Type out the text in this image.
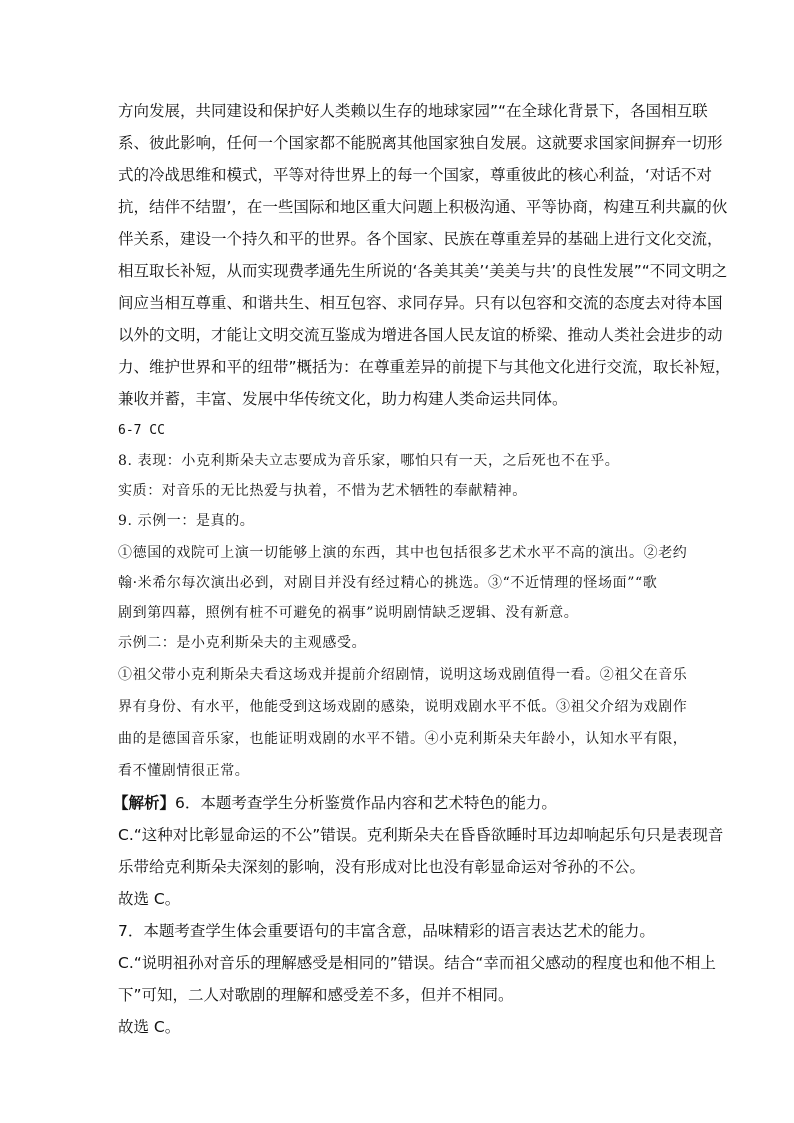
方向发展，共同建设和保护好人类赖以生存的地球家园”“在全球化背景下，各国相互联
系、彼此影响，任何一个国家都不能脱离其他国家独自发展。这就要求国家间摒弃一切形
式的冷战思维和模式，平等对待世界上的每一个国家，尊重彼此的核心利益，‘对话不对
抗，结伴不结盟’，在一些国际和地区重大问题上积极沟通、平等协商，构建互利共赢的伙
伴关系，建设一个持久和平的世界。各个国家、民族在尊重差异的基础上进行文化交流，
相互取长补短，从而实现费孝通先生所说的‘各美其美’‘美美与共’的良性发展”“不同文明之
间应当相互尊重、和谐共生、相互包容、求同存异。只有以包容和交流的态度去对待本国
以外的文明，才能让文明交流互鉴成为增进各国人民友谊的桥梁、推动人类社会进步的动
力、维护世界和平的纽带”概括为：在尊重差异的前提下与其他文化进行交流，取长补短，
兼收并蓄，丰富、发展中华传统文化，助力构建人类命运共同体。
6-7 CC
8. 表现：小克利斯朵夫立志要成为音乐家，哪怕只有一天，之后死也不在乎。
实质：对音乐的无比热爱与执着，不惜为艺术牺牲的奉献精神。
9. 示例一：是真的。
①德国的戏院可上演一切能够上演的东西，其中也包括很多艺术水平不高的演出。②老约
翰·米希尔每次演出必到，对剧目并没有经过精心的挑选。③“不近情理的怪场面”“歌
剧到第四幕，照例有桩不可避免的祸事”说明剧情缺乏逻辑、没有新意。
示例二：是小克利斯朵夫的主观感受。
①祖父带小克利斯朵夫看这场戏并提前介绍剧情，说明这场戏剧值得一看。②祖父在音乐
界有身份、有水平，他能受到这场戏剧的感染，说明戏剧水平不低。③祖父介绍为戏剧作
曲的是德国音乐家，也能证明戏剧的水平不错。④小克利斯朵夫年龄小，认知水平有限，
看不懂剧情很正常。
【解析】6．本题考查学生分析鉴赏作品内容和艺术特色的能力。
C.“这种对比彰显命运的不公”错误。克利斯朵夫在昏昏欲睡时耳边却响起乐句只是表现音
乐带给克利斯朵夫深刻的影响，没有形成对比也没有彰显命运对爷孙的不公。
故选 C。
7．本题考查学生体会重要语句的丰富含意，品味精彩的语言表达艺术的能力。
C.“说明祖孙对音乐的理解感受是相同的”错误。结合“幸而祖父感动的程度也和他不相上
下”可知，二人对歌剧的理解和感受差不多，但并不相同。
故选 C。
